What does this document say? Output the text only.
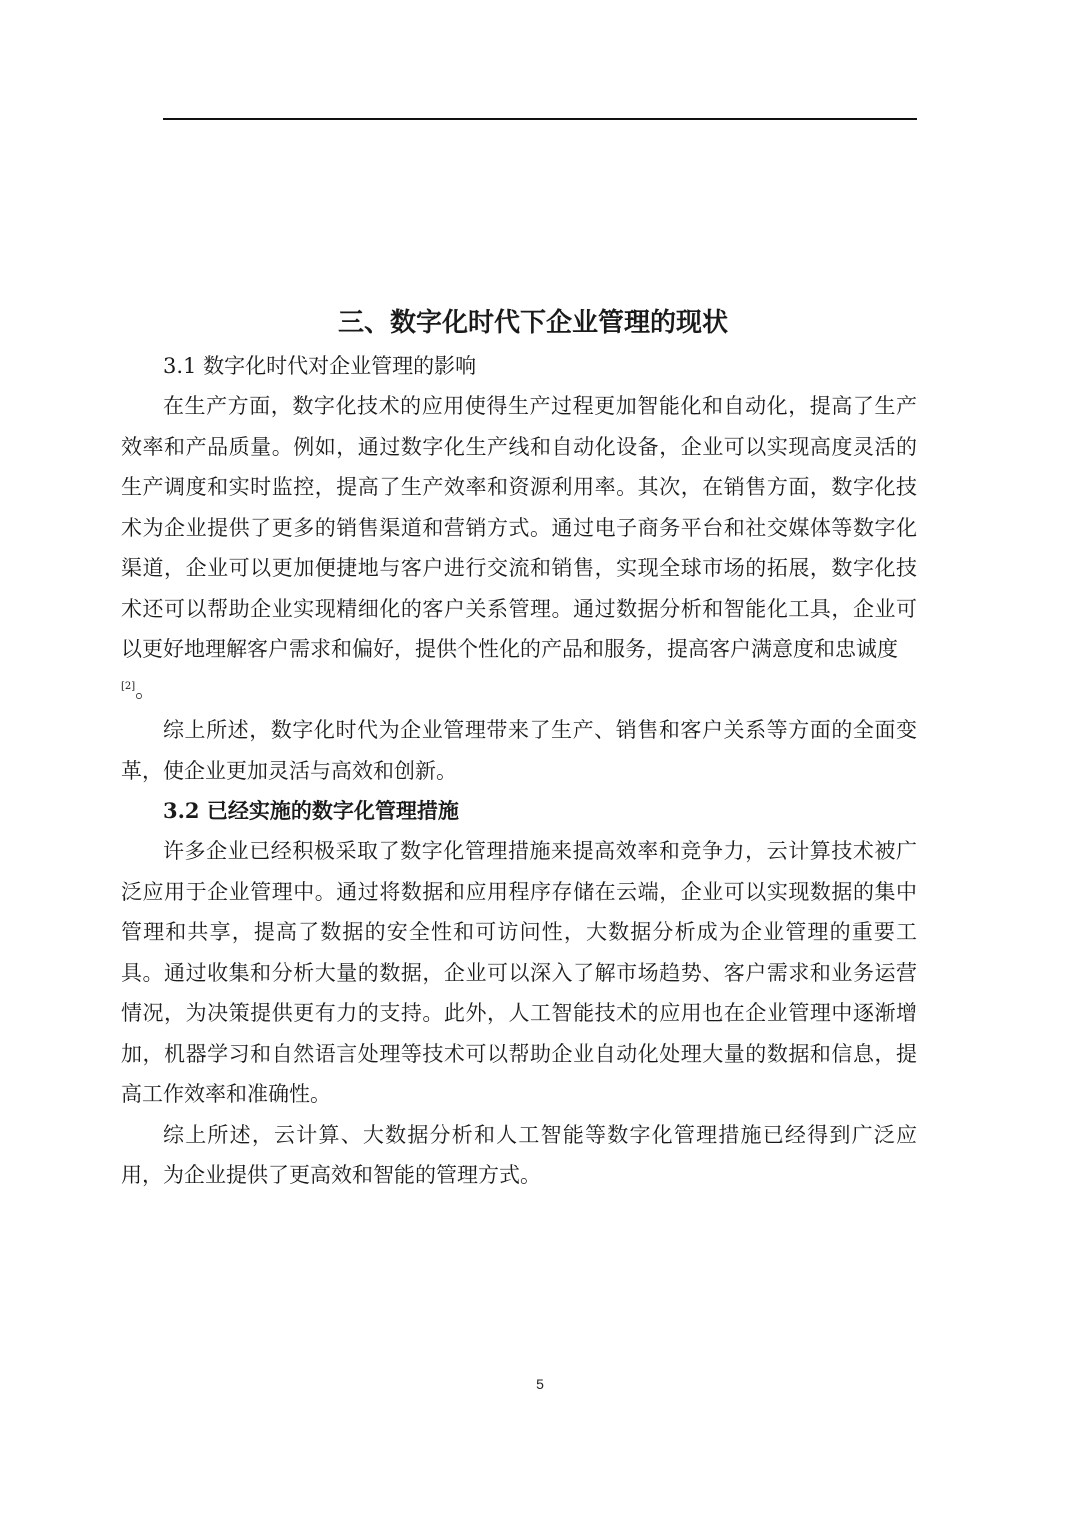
三、数字化时代下企业管理的现状

3.1 数字化时代对企业管理的影响

在生产方面，数字化技术的应用使得生产过程更加智能化和自动化，提高了生产效率和产品质量。例如，通过数字化生产线和自动化设备，企业可以实现高度灵活的生产调度和实时监控，提高了生产效率和资源利用率。其次，在销售方面，数字化技术为企业提供了更多的销售渠道和营销方式。通过电子商务平台和社交媒体等数字化渠道，企业可以更加便捷地与客户进行交流和销售，实现全球市场的拓展，数字化技术还可以帮助企业实现精细化的客户关系管理。通过数据分析和智能化工具，企业可以更好地理解客户需求和偏好，提供个性化的产品和服务，提高客户满意度和忠诚度
[2]。

综上所述，数字化时代为企业管理带来了生产、销售和客户关系等方面的全面变革，使企业更加灵活与高效和创新。

3.2 已经实施的数字化管理措施

许多企业已经积极采取了数字化管理措施来提高效率和竞争力，云计算技术被广泛应用于企业管理中。通过将数据和应用程序存储在云端，企业可以实现数据的集中管理和共享，提高了数据的安全性和可访问性，大数据分析成为企业管理的重要工具。通过收集和分析大量的数据，企业可以深入了解市场趋势、客户需求和业务运营情况，为决策提供更有力的支持。此外，人工智能技术的应用也在企业管理中逐渐增加，机器学习和自然语言处理等技术可以帮助企业自动化处理大量的数据和信息，提高工作效率和准确性。

综上所述，云计算、大数据分析和人工智能等数字化管理措施已经得到广泛应用，为企业提供了更高效和智能的管理方式。

5
